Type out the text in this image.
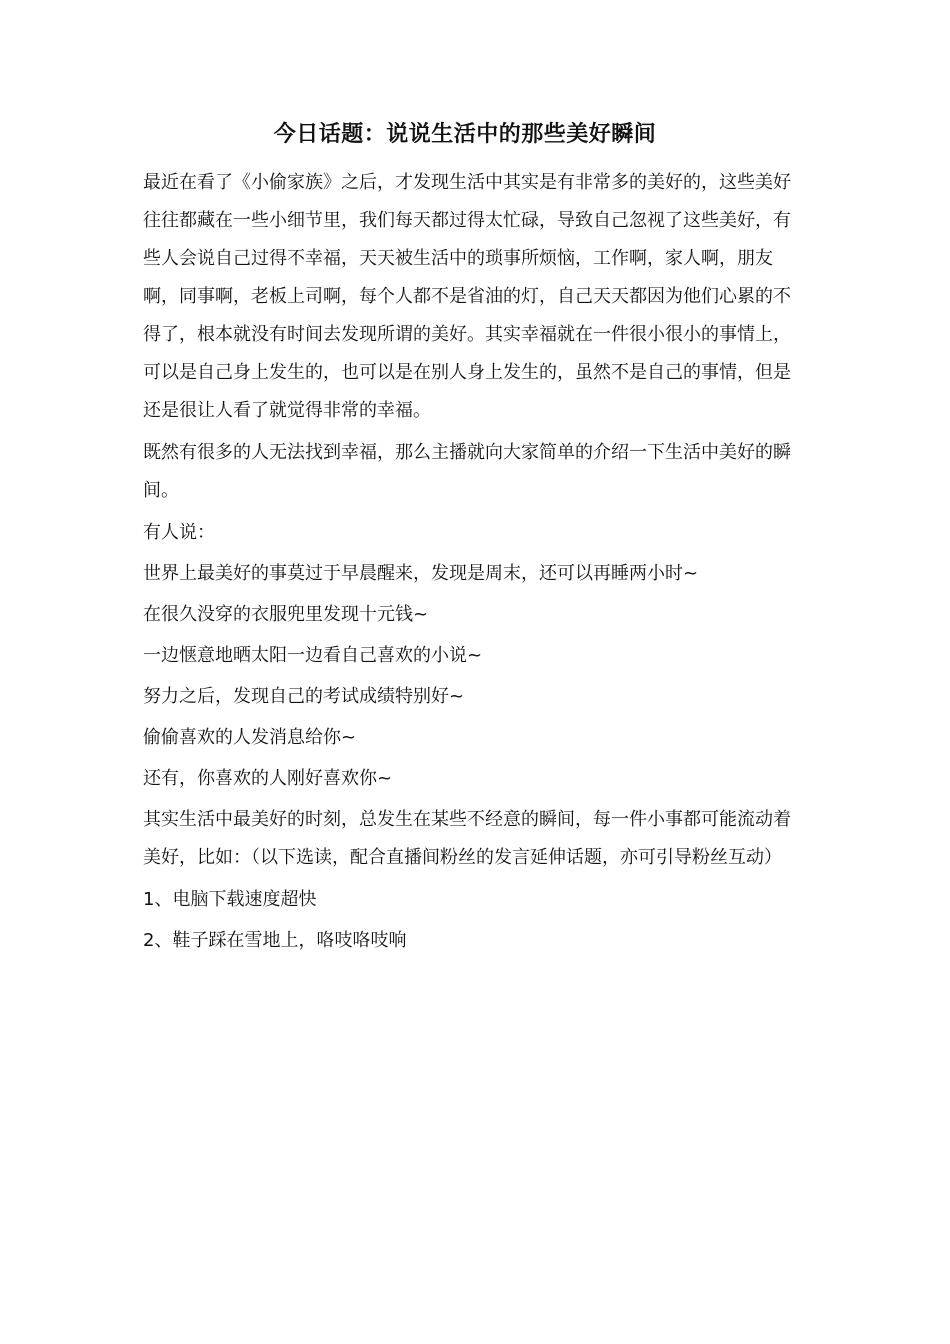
今日话题：说说生活中的那些美好瞬间

最近在看了《小偷家族》之后，才发现生活中其实是有非常多的美好的，这些美好往往都藏在一些小细节里，我们每天都过得太忙碌，导致自己忽视了这些美好，有些人会说自己过得不幸福，天天被生活中的琐事所烦恼，工作啊，家人啊，朋友啊，同事啊，老板上司啊，每个人都不是省油的灯，自己天天都因为他们心累的不得了，根本就没有时间去发现所谓的美好。其实幸福就在一件很小很小的事情上，可以是自己身上发生的，也可以是在别人身上发生的，虽然不是自己的事情，但是还是很让人看了就觉得非常的幸福。

既然有很多的人无法找到幸福，那么主播就向大家简单的介绍一下生活中美好的瞬间。

有人说：

世界上最美好的事莫过于早晨醒来，发现是周末，还可以再睡两小时~

在很久没穿的衣服兜里发现十元钱~

一边惬意地晒太阳一边看自己喜欢的小说~

努力之后，发现自己的考试成绩特别好~

偷偷喜欢的人发消息给你~

还有，你喜欢的人刚好喜欢你~

其实生活中最美好的时刻，总发生在某些不经意的瞬间，每一件小事都可能流动着美好，比如：（以下选读，配合直播间粉丝的发言延伸话题，亦可引导粉丝互动）

1、电脑下载速度超快

2、鞋子踩在雪地上，咯吱咯吱响
